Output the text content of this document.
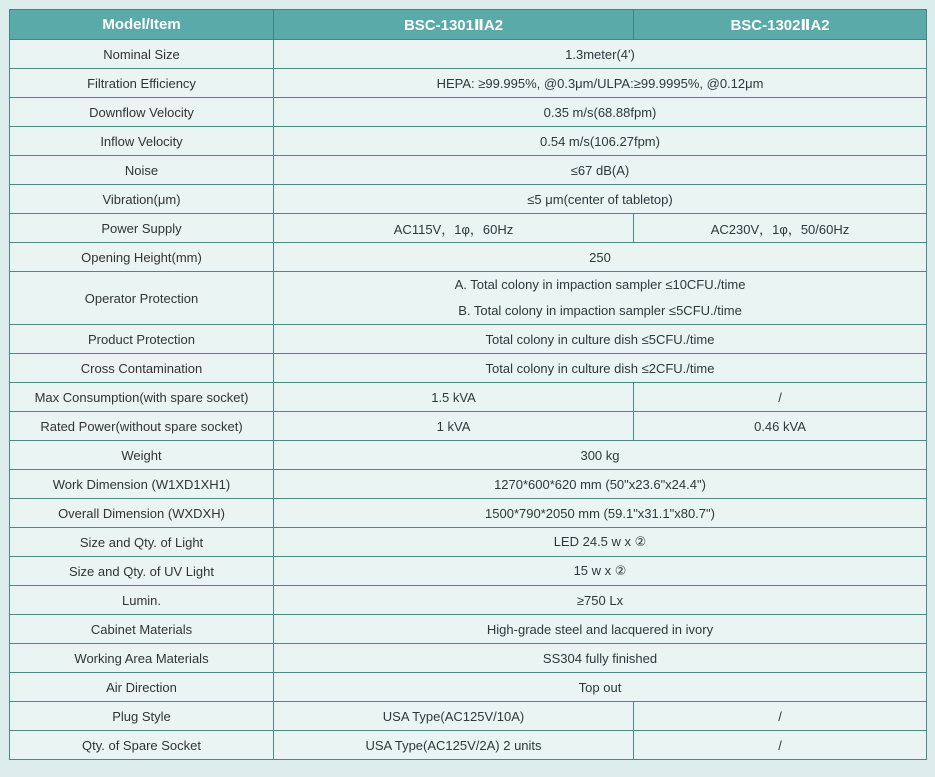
Model/Item	BSC-1301ⅡA2	BSC-1302ⅡA2
Nominal Size	1.3meter(4')	
Filtration Efficiency	HEPA: ≥99.995%, @0.3μm/ULPA:≥99.9995%, @0.12μm	
Downflow Velocity	0.35 m/s(68.88fpm)	
Inflow Velocity	0.54 m/s(106.27fpm)	
Noise	≤67 dB(A)	
Vibration(μm)	≤5 μm(center of tabletop)	
Power Supply	AC115V，1φ，60Hz	AC230V，1φ，50/60Hz
Opening Height(mm)	250	
Operator Protection	A. Total colony in impaction sampler ≤10CFU./time
B. Total colony in impaction sampler ≤5CFU./time	

Product Protection	Total colony in culture dish ≤5CFU./time	
Cross Contamination	Total colony in culture dish ≤2CFU./time	
Max Consumption(with spare socket)	1.5 kVA	/
Rated Power(without spare socket)	1 kVA	0.46 kVA
Weight	300 kg	
Work Dimension (W1XD1XH1)	1270*600*620 mm (50"x23.6"x24.4")	
Overall Dimension (WXDXH)	1500*790*2050 mm (59.1"x31.1"x80.7")	
Size and Qty. of Light	LED 24.5 w x ②	
Size and Qty. of UV Light	15 w x ②	
Lumin.	≥750 Lx	
Cabinet Materials	High-grade steel and lacquered in ivory	
Working Area Materials	SS304 fully finished	
Air Direction	Top out	
Plug Style	USA Type(AC125V/10A)	/
Qty. of Spare Socket	USA Type(AC125V/2A) 2 units	/
